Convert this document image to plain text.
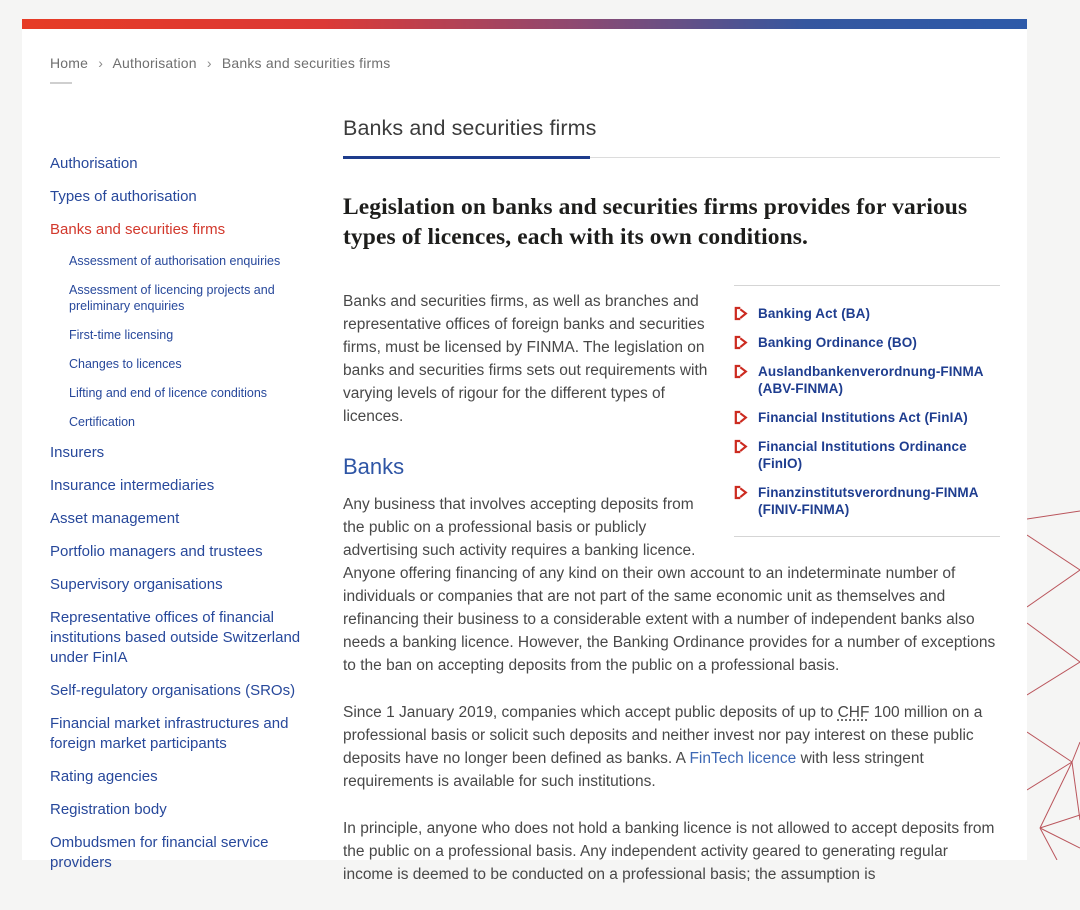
Home › Authorisation › Banks and securities firms
Authorisation
Types of authorisation
Banks and securities firms
Assessment of authorisation enquiries
Assessment of licencing projects and preliminary enquiries
First-time licensing
Changes to licences
Lifting and end of licence conditions
Certification
Insurers
Insurance intermediaries
Asset management
Portfolio managers and trustees
Supervisory organisations
Representative offices of financial institutions based outside Switzerland under FinIA
Self-regulatory organisations (SROs)
Financial market infrastructures and foreign market participants
Rating agencies
Registration body
Ombudsmen for financial service providers
Banks and securities firms
Legislation on banks and securities firms provides for various types of licences, each with its own conditions.
Banking Act (BA)
Banking Ordinance (BO)
Auslandbankenverordnung-FINMA (ABV-FINMA)
Financial Institutions Act (FinIA)
Financial Institutions Ordinance (FinIO)
Finanzinstitutsverordnung-FINMA (FINIV-FINMA)

Banks and securities firms, as well as branches and representative offices of foreign banks and securities firms, must be licensed by FINMA. The legislation on banks and securities firms sets out requirements with varying levels of rigour for the different types of licences.

Banks

Any business that involves accepting deposits from the public on a professional basis or publicly advertising such activity requires a banking licence. Anyone offering financing of any kind on their own account to an indeterminate number of individuals or companies that are not part of the same economic unit as themselves and refinancing their business to a considerable extent with a number of independent banks also needs a banking licence. However, the Banking Ordinance provides for a number of exceptions to the ban on accepting deposits from the public on a professional basis.

Since 1 January 2019, companies which accept public deposits of up to CHF 100 million on a professional basis or solicit such deposits and neither invest nor pay interest on these public deposits have no longer been defined as banks. A FinTech licence with less stringent requirements is available for such institutions.

In principle, anyone who does not hold a banking licence is not allowed to accept deposits from the public on a professional basis. Any independent activity geared to generating regular income is deemed to be conducted on a professional basis; the assumption is
